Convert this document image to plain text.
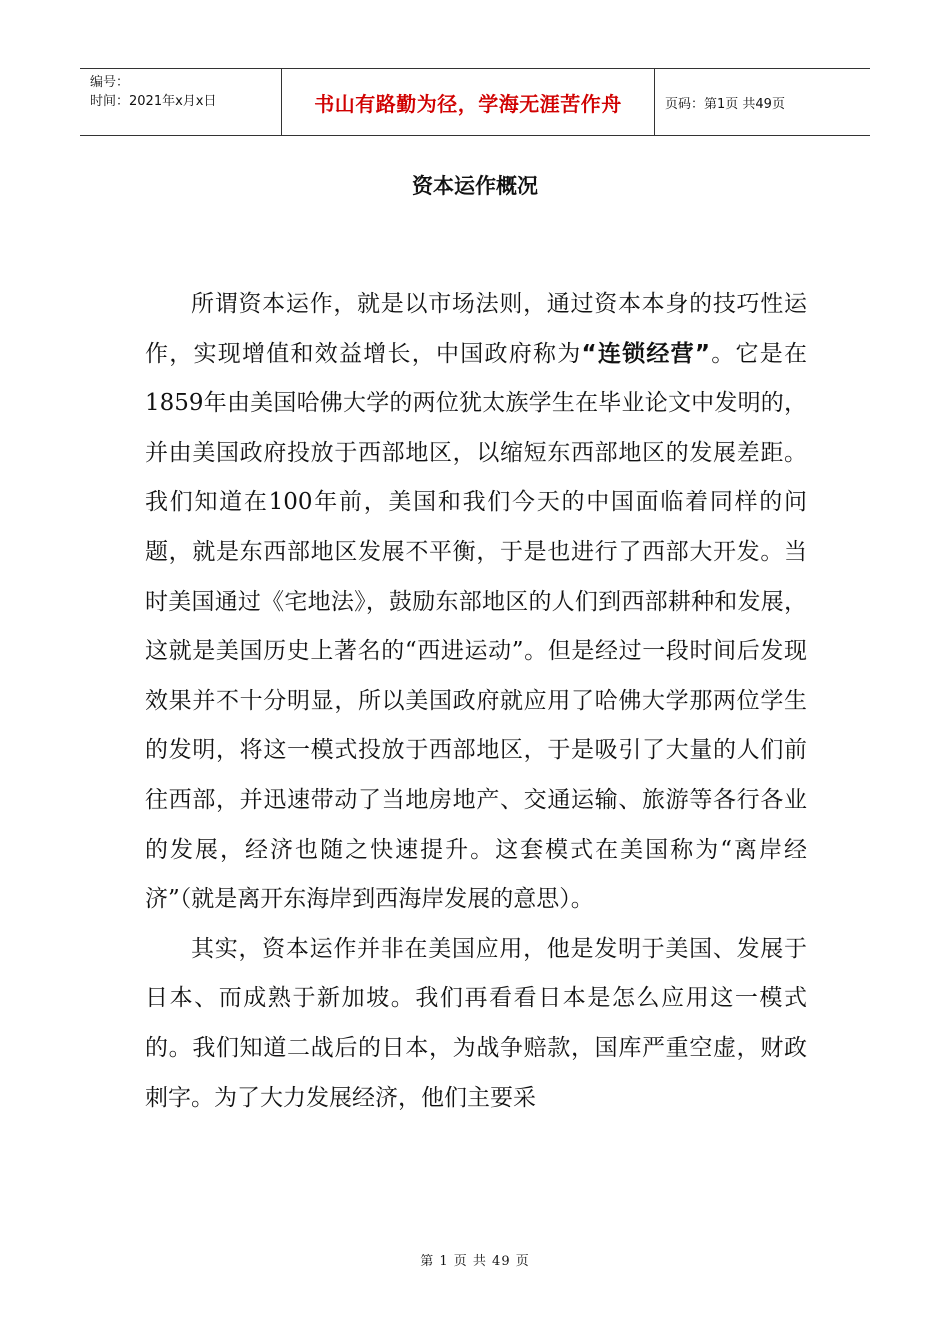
编号：
时间：2021年x月x日	书山有路勤为径，学海无涯苦作舟	页码：第1页 共49页
资本运作概况

所谓资本运作，就是以市场法则，通过资本本身的技巧性运作，实现增值和效益增长，中国政府称为“连锁经营”。它是在1859年由美国哈佛大学的两位犹太族学生在毕业论文中发明的，并由美国政府投放于西部地区，以缩短东西部地区的发展差距。我们知道在100年前，美国和我们今天的中国面临着同样的问题，就是东西部地区发展不平衡，于是也进行了西部大开发。当时美国通过《宅地法》，鼓励东部地区的人们到西部耕种和发展，这就是美国历史上著名的“西进运动”。但是经过一段时间后发现效果并不十分明显，所以美国政府就应用了哈佛大学那两位学生的发明，将这一模式投放于西部地区，于是吸引了大量的人们前往西部，并迅速带动了当地房地产、交通运输、旅游等各行各业的发展，经济也随之快速提升。这套模式在美国称为“离岸经济”（就是离开东海岸到西海岸发展的意思）。

其实，资本运作并非在美国应用，他是发明于美国、发展于日本、而成熟于新加坡。我们再看看日本是怎么应用这一模式的。我们知道二战后的日本，为战争赔款，国库严重空虚，财政刺字。为了大力发展经济，他们主要采

第 1 页 共 49 页
